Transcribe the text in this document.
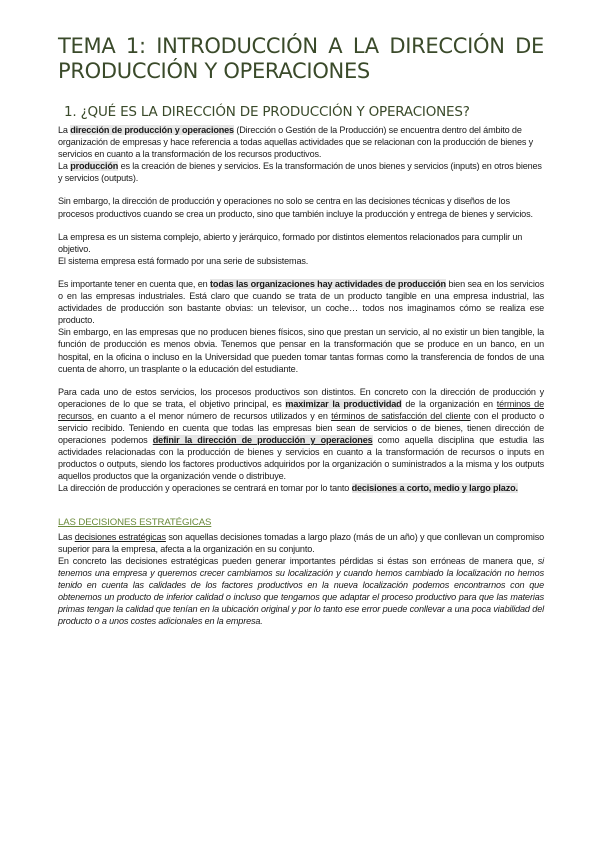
TEMA 1: INTRODUCCIÓN A LA DIRECCIÓN DE
PRODUCCIÓN Y OPERACIONES
1. ¿QUÉ ES LA DIRECCIÓN DE PRODUCCIÓN Y OPERACIONES?

La dirección de producción y operaciones (Dirección o Gestión de la Producción) se encuentra dentro del ámbito de organización de empresas y hace referencia a todas aquellas actividades que se relacionan con la producción de bienes y servicios en cuanto a la transformación de los recursos productivos.

La producción es la creación de bienes y servicios. Es la transformación de unos bienes y servicios (inputs) en otros bienes y servicios (outputs).

Sin embargo, la dirección de producción y operaciones no solo se centra en las decisiones técnicas y diseños de los procesos productivos cuando se crea un producto, sino que también incluye la producción y entrega de bienes y servicios.

La empresa es un sistema complejo, abierto y jerárquico, formado por distintos elementos relacionados para cumplir un objetivo.

El sistema empresa está formado por una serie de subsistemas.

Es importante tener en cuenta que, en todas las organizaciones hay actividades de producción bien sea en los servicios o en las empresas industriales. Está claro que cuando se trata de un producto tangible en una empresa industrial, las actividades de producción son bastante obvias: un televisor, un coche… todos nos imaginamos cómo se realiza ese producto.

Sin embargo, en las empresas que no producen bienes físicos, sino que prestan un servicio, al no existir un bien tangible, la función de producción es menos obvia. Tenemos que pensar en la transformación que se produce en un banco, en un hospital, en la oficina o incluso en la Universidad que pueden tomar tantas formas como la transferencia de fondos de una cuenta de ahorro, un trasplante o la educación del estudiante.

Para cada uno de estos servicios, los procesos productivos son distintos. En concreto con la dirección de producción y operaciones de lo que se trata, el objetivo principal, es maximizar la productividad de la organización en términos de recursos, en cuanto a el menor número de recursos utilizados y en términos de satisfacción del cliente con el producto o servicio recibido. Teniendo en cuenta que todas las empresas bien sean de servicios o de bienes, tienen dirección de operaciones podemos definir la dirección de producción y operaciones como aquella disciplina que estudia las actividades relacionadas con la producción de bienes y servicios en cuanto a la transformación de recursos o inputs en productos o outputs, siendo los factores productivos adquiridos por la organización o suministrados a la misma y los outputs aquellos productos que la organización vende o distribuye.

La dirección de producción y operaciones se centrará en tomar por lo tanto decisiones a corto, medio y largo plazo.

LAS DECISIONES ESTRATÉGICAS

Las decisiones estratégicas son aquellas decisiones tomadas a largo plazo (más de un año) y que conllevan un compromiso superior para la empresa, afecta a la organización en su conjunto.

En concreto las decisiones estratégicas pueden generar importantes pérdidas si éstas son erróneas de manera que, si tenemos una empresa y queremos crecer cambiamos su localización y cuando hemos cambiado la localización no hemos tenido en cuenta las calidades de los factores productivos en la nueva localización podemos encontrarnos con que obtenemos un producto de inferior calidad o incluso que tengamos que adaptar el proceso productivo para que las materias primas tengan la calidad que tenían en la ubicación original y por lo tanto ese error puede conllevar a una poca viabilidad del producto o a unos costes adicionales en la empresa.
